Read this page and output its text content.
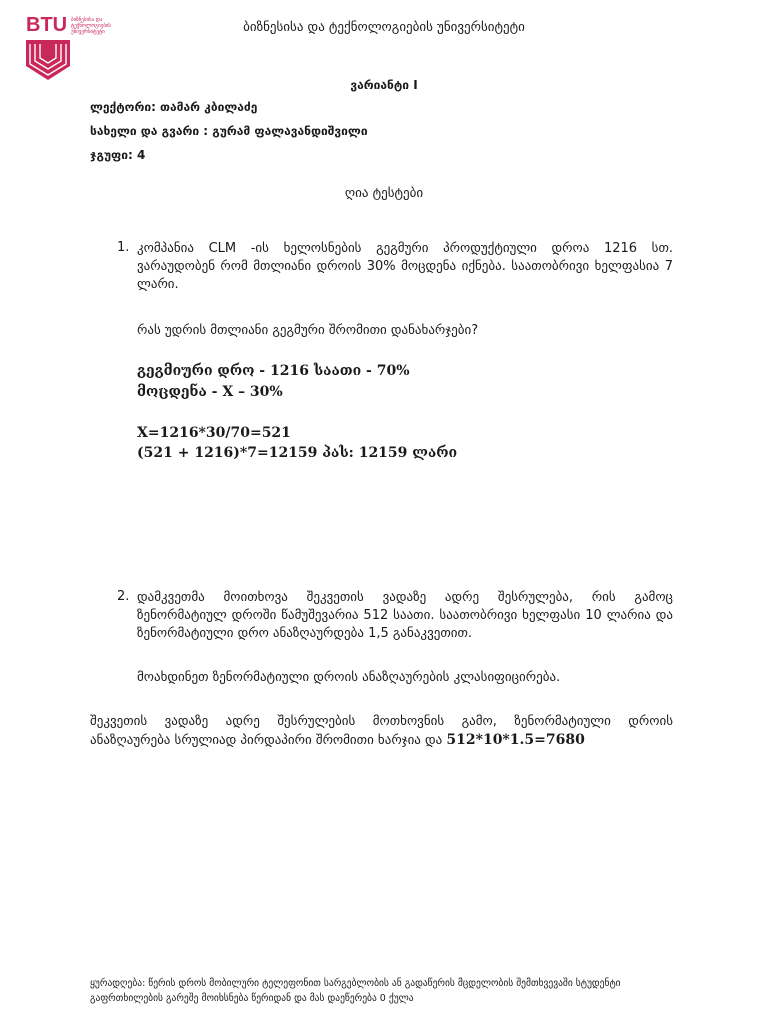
BTU ბიზნესისა და ტექნოლოგიების უნივერსიტეტი	ბიზნესისა და ტექნოლოგიების უნივერსიტეტი
ვარიანტი I
ლექტორი: თამარ კბილაძე
სახელი და გვარი : გურამ ფალავანდიშვილი
ჯგუფი: 4
ღია ტესტები
1. კომპანია CLM -ის ხელოსნების გეგმური პროდუქტიული დროა 1216 სთ.
ვარაუდობენ რომ მთლიანი დროის 30% მოცდენა იქნება. საათობრივი ხელფასია 7
ლარი.
რას უდრის მთლიანი გეგმური შრომითი დანახარჯები?
გეგმიური დრო - 1216 საათი - 70%
მოცდენა - X – 30%
X=1216*30/70=521
(521 + 1216)*7=12159 პას: 12159 ლარი
2. დამკვეთმა მოითხოვა შეკვეთის ვადაზე ადრე შესრულება, რის გამოც
ზენორმატიულ დროში წამუშევარია 512 საათი. საათობრივი ხელფასი 10 ლარია და
ზენორმატიული დრო ანაზღაურდება 1,5 განაკვეთით.
მოახდინეთ ზენორმატიული დროის ანაზღაურების კლასიფიცირება.
შეკვეთის ვადაზე ადრე შესრულების მოთხოვნის გამო, ზენორმატიული დროის
ანაზღაურება სრულიად პირდაპირი შრომითი ხარჯია და 512*10*1.5=7680
ყურადღება: წერის დროს მობილური ტელეფონით სარგებლობის ან გადაწერის მცდელობის შემთხვევაში სტუდენტი
გაფრთხილების გარეშე მოიხსნება წერიდან და მას დაეწერება 0 ქულა
